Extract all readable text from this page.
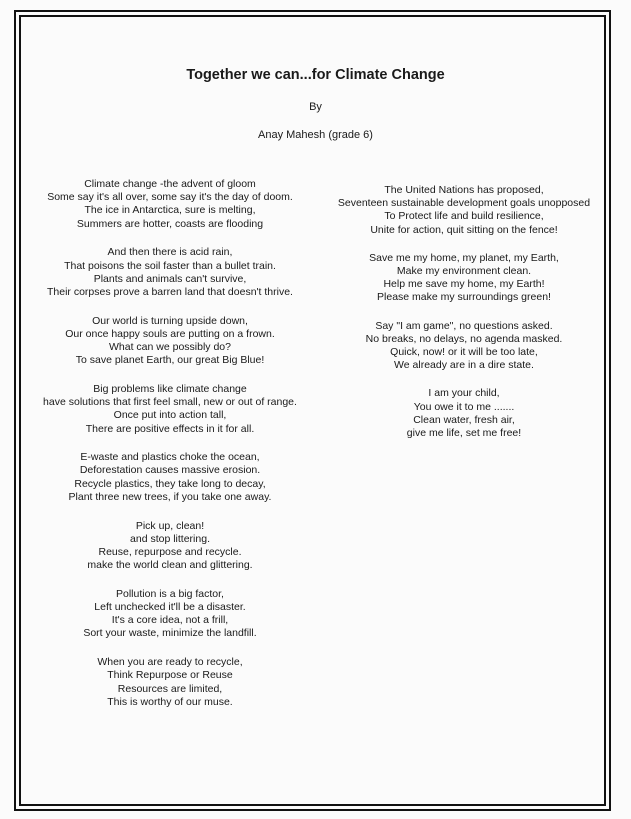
Together we can...for Climate Change
By
Anay Mahesh (grade 6)
Climate change -the advent of gloom
Some say it's all over, some say it's the day of doom.
The ice in Antarctica, sure is melting,
Summers are hotter, coasts are flooding
And then there is acid rain,
That poisons the soil faster than a bullet train.
Plants and animals can't survive,
Their corpses prove a barren land that doesn't thrive.
Our world is turning upside down,
Our once happy souls are putting on a frown.
What can we possibly do?
To save planet Earth, our great Big Blue!
Big problems like climate change
have solutions that first feel small, new or out of range.
Once put into action tall,
There are positive effects in it for all.
E-waste and plastics choke the ocean,
Deforestation causes massive erosion.
Recycle plastics, they take long to decay,
Plant three new trees, if you take one away.
Pick up, clean!
and stop littering.
Reuse, repurpose and recycle.
make the world clean and glittering.
Pollution is a big factor,
Left unchecked it'll be a disaster.
It's a core idea, not a frill,
Sort your waste, minimize the landfill.
When you are ready to recycle,
Think Repurpose or Reuse
Resources are limited,
This is worthy of our muse.
The United Nations has proposed,
Seventeen sustainable development goals unopposed
To Protect life and build resilience,
Unite for action, quit sitting on the fence!
Save me my home, my planet, my Earth,
Make my environment clean.
Help me save my home, my Earth!
Please make my surroundings green!
Say "I am game", no questions asked.
No breaks, no delays, no agenda masked.
Quick, now! or it will be too late,
We already are in a dire state.
I am your child,
You owe it to me .......
Clean water, fresh air,
give me life, set me free!
